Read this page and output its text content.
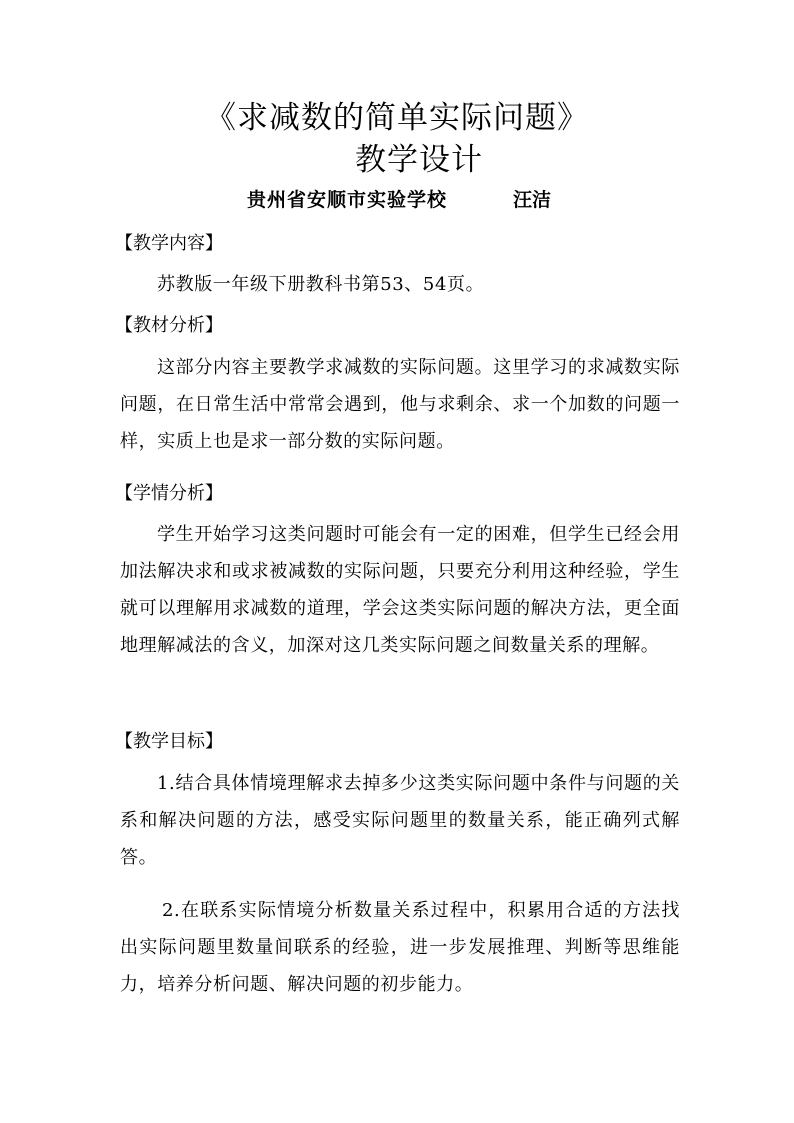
《求减数的简单实际问题》
教学设计
贵州省安顺市实验学校	汪洁
【教学内容】
苏教版一年级下册教科书第53、54页。
【教材分析】
这部分内容主要教学求减数的实际问题。这里学习的求减数实际问题，在日常生活中常常会遇到，他与求剩余、求一个加数的问题一样，实质上也是求一部分数的实际问题。
【学情分析】
学生开始学习这类问题时可能会有一定的困难，但学生已经会用加法解决求和或求被减数的实际问题，只要充分利用这种经验，学生就可以理解用求减数的道理，学会这类实际问题的解决方法，更全面地理解减法的含义，加深对这几类实际问题之间数量关系的理解。
【教学目标】
1.结合具体情境理解求去掉多少这类实际问题中条件与问题的关系和解决问题的方法，感受实际问题里的数量关系，能正确列式解答。
2.在联系实际情境分析数量关系过程中，积累用合适的方法找出实际问题里数量间联系的经验，进一步发展推理、判断等思维能力，培养分析问题、解决问题的初步能力。
